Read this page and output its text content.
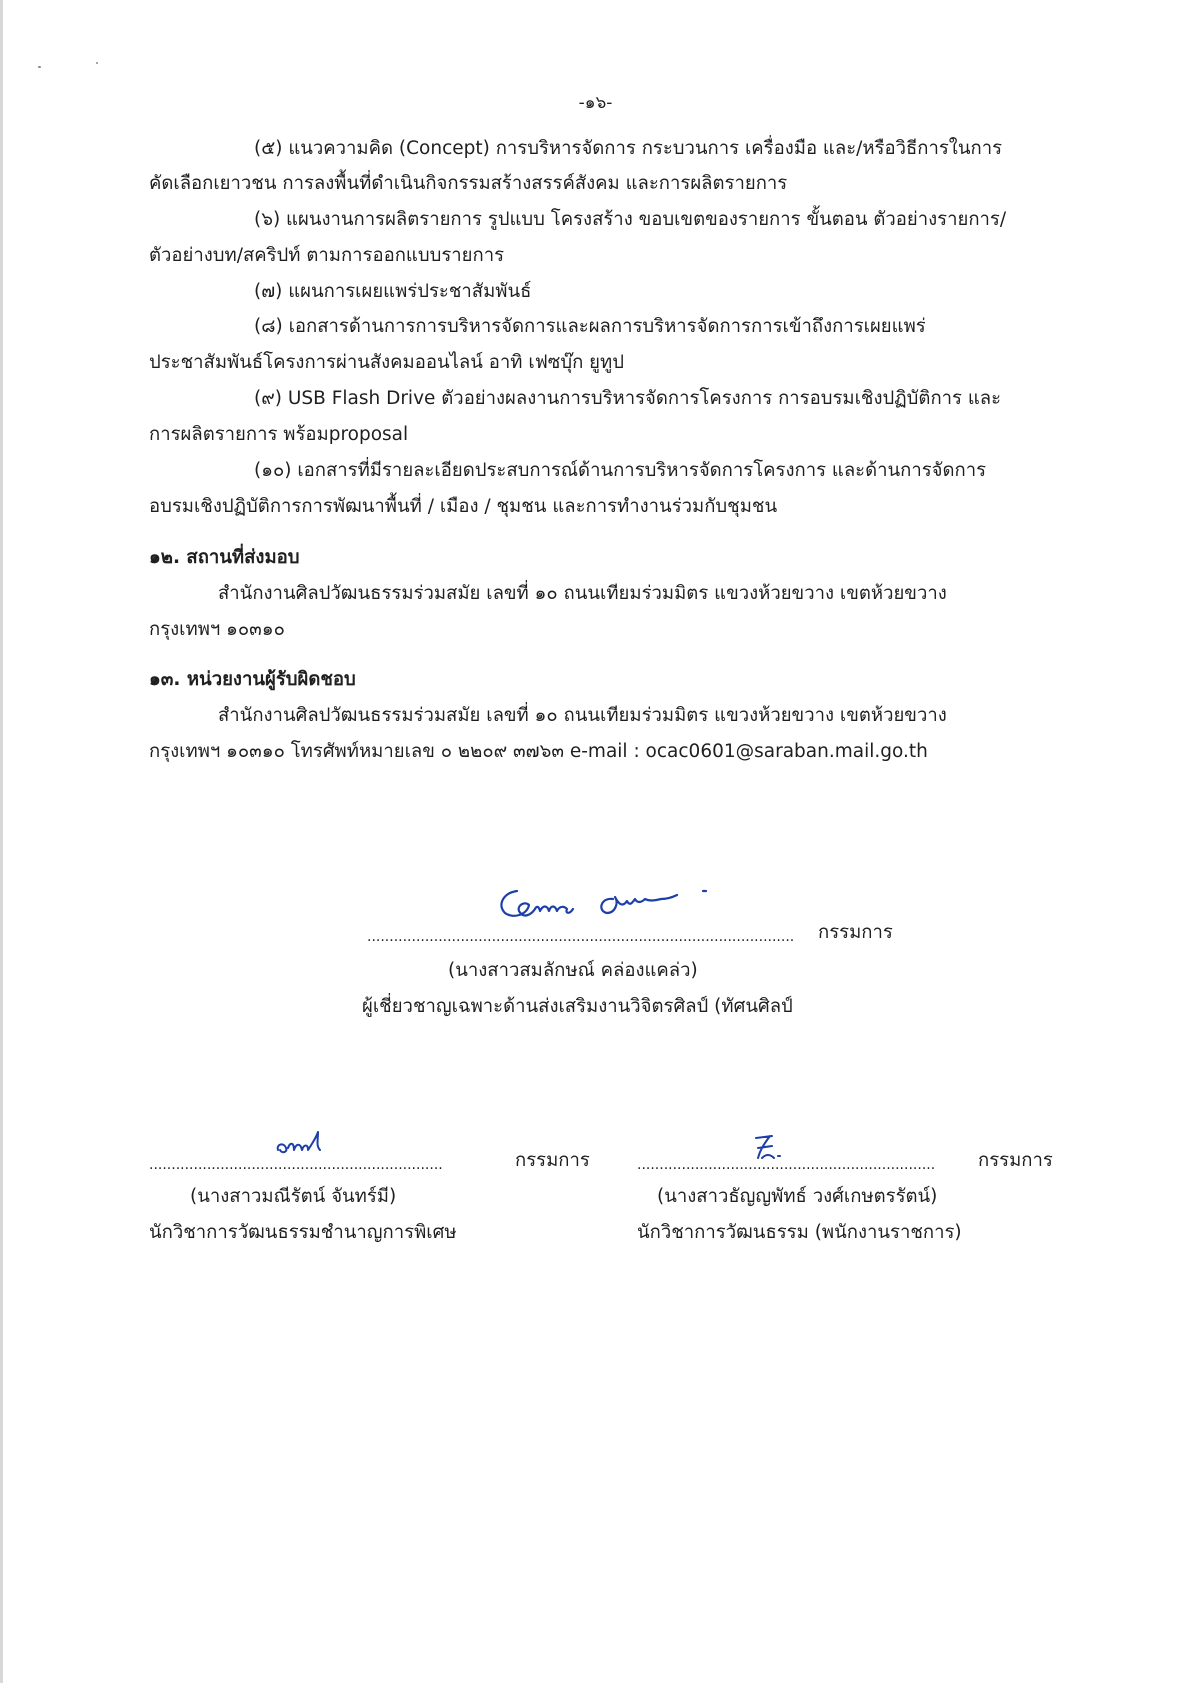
-๑๖-
(๕) แนวความคิด (Concept) การบริหารจัดการ กระบวนการ เครื่องมือ และ/หรือวิธีการในการ
คัดเลือกเยาวชน การลงพื้นที่ดำเนินกิจกรรมสร้างสรรค์สังคม และการผลิตรายการ
(๖) แผนงานการผลิตรายการ รูปแบบ โครงสร้าง ขอบเขตของรายการ ขั้นตอน ตัวอย่างรายการ/
ตัวอย่างบท/สคริปท์ ตามการออกแบบรายการ
(๗) แผนการเผยแพร่ประชาสัมพันธ์
(๘) เอกสารด้านการการบริหารจัดการและผลการบริหารจัดการการเข้าถึงการเผยแพร่
ประชาสัมพันธ์โครงการผ่านสังคมออนไลน์ อาทิ เฟซบุ๊ก ยูทูป
(๙) USB Flash Drive ตัวอย่างผลงานการบริหารจัดการโครงการ การอบรมเชิงปฏิบัติการ และ
การผลิตรายการ พร้อมproposal
(๑๐) เอกสารที่มีรายละเอียดประสบการณ์ด้านการบริหารจัดการโครงการ และด้านการจัดการ
อบรมเชิงปฏิบัติการการพัฒนาพื้นที่ / เมือง / ชุมชน และการทำงานร่วมกับชุมชน
๑๒. สถานที่ส่งมอบ
สำนักงานศิลปวัฒนธรรมร่วมสมัย เลขที่ ๑๐ ถนนเทียมร่วมมิตร แขวงห้วยขวาง เขตห้วยขวาง
กรุงเทพฯ ๑๐๓๑๐
๑๓. หน่วยงานผู้รับผิดชอบ
สำนักงานศิลปวัฒนธรรมร่วมสมัย เลขที่ ๑๐ ถนนเทียมร่วมมิตร แขวงห้วยขวาง เขตห้วยขวาง
กรุงเทพฯ ๑๐๓๑๐ โทรศัพท์หมายเลข ๐ ๒๒๐๙ ๓๗๖๓ e-mail : ocac0601@saraban.mail.go.th
................................................................................................ กรรมการ
(นางสาวสมลักษณ์ คล่องแคล่ว)
ผู้เชี่ยวชาญเฉพาะด้านส่งเสริมงานวิจิตรศิลป์ (ทัศนศิลป์
..................................................................	กรรมการ
(นางสาวมณีรัตน์ จันทร์มี)
นักวิชาการวัฒนธรรมชำนาญการพิเศษ
................................................................... กรรมการ
(นางสาวธัญญพัทธ์ วงศ์เกษตรรัตน์)
นักวิชาการวัฒนธรรม (พนักงานราชการ)
